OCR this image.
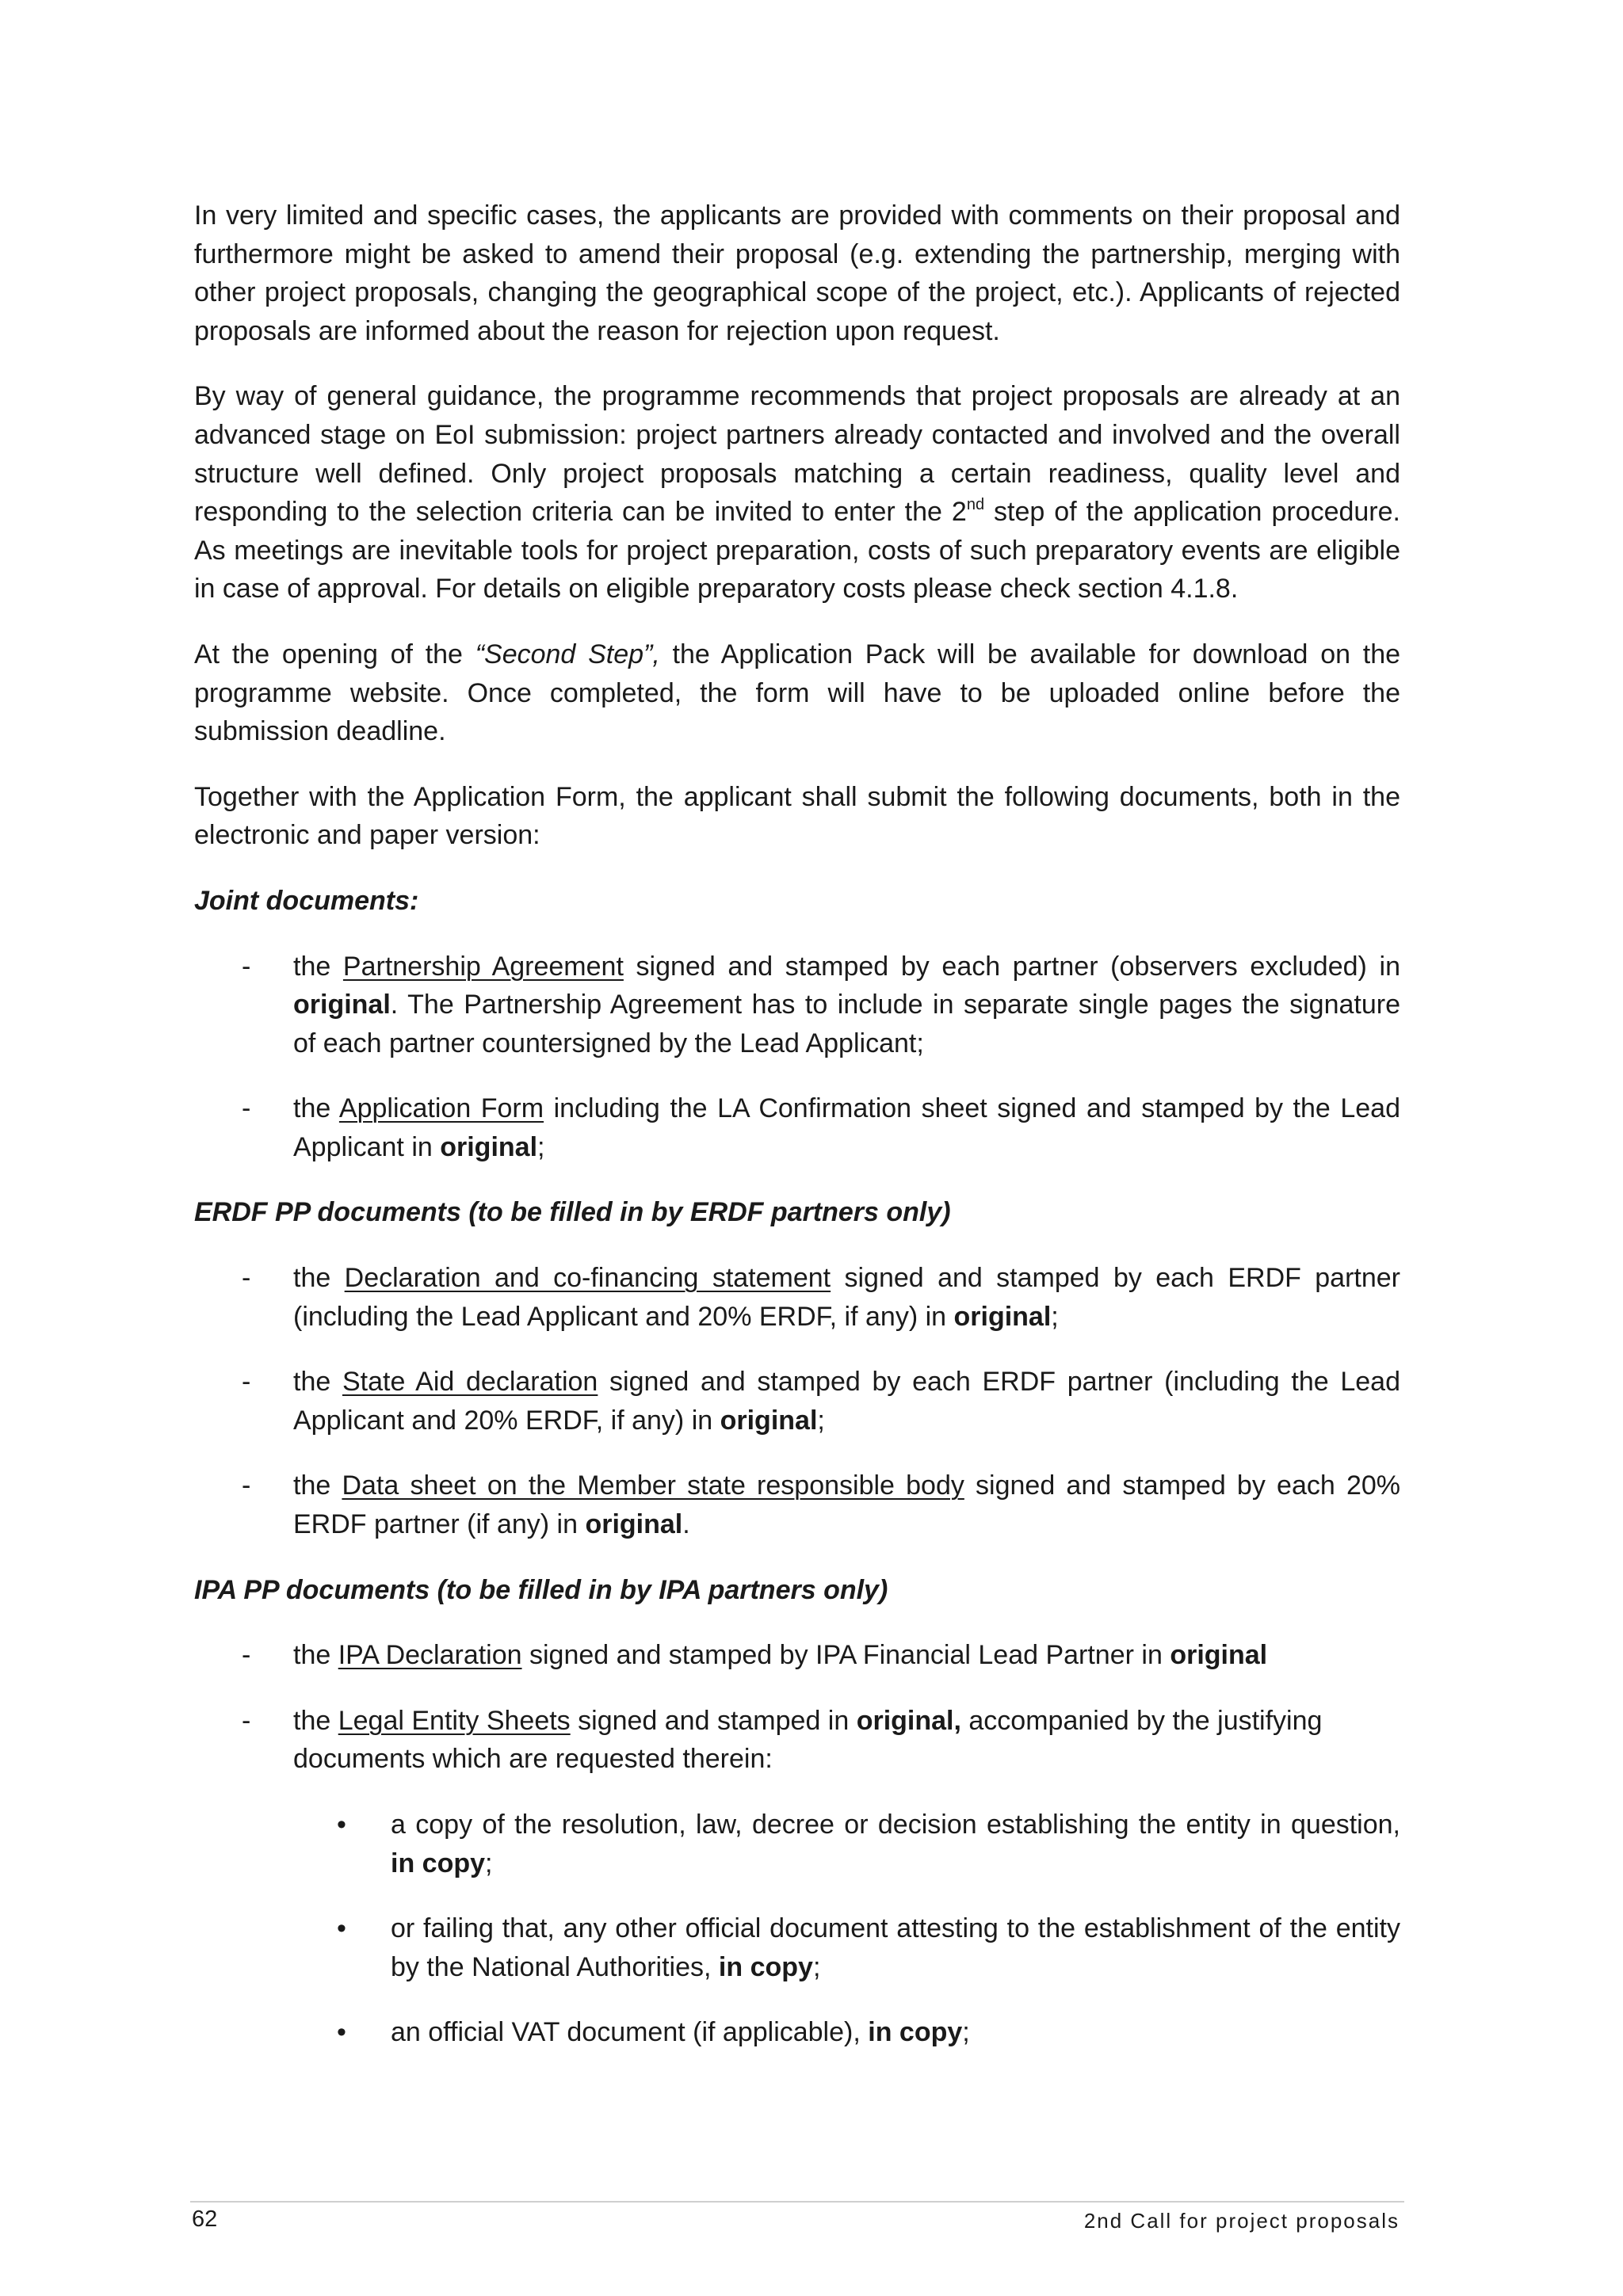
In very limited and specific cases, the applicants are provided with comments on their proposal and furthermore might be asked to amend their proposal (e.g. extending the partnership, merging with other project proposals, changing the geographical scope of the project, etc.). Applicants of rejected proposals are informed about the reason for rejection upon request.

By way of general guidance, the programme recommends that project proposals are already at an advanced stage on EoI submission: project partners already contacted and involved and the overall structure well defined. Only project proposals matching a certain readiness, quality level and responding to the selection criteria can be invited to enter the 2nd step of the application procedure. As meetings are inevitable tools for project preparation, costs of such preparatory events are eligible in case of approval. For details on eligible preparatory costs please check section 4.1.8.

At the opening of the “Second Step”, the Application Pack will be available for download on the programme website. Once completed, the form will have to be uploaded online before the submission deadline.

Together with the Application Form, the applicant shall submit the following documents, both in the electronic and paper version:

Joint documents:

- the Partnership Agreement signed and stamped by each partner (observers excluded) in original. The Partnership Agreement has to include in separate single pages the signature of each partner countersigned by the Lead Applicant;

- the Application Form including the LA Confirmation sheet signed and stamped by the Lead Applicant in original;

ERDF PP documents (to be filled in by ERDF partners only)

- the Declaration and co-financing statement signed and stamped by each ERDF partner (including the Lead Applicant and 20% ERDF, if any) in original;

- the State Aid declaration signed and stamped by each ERDF partner (including the Lead Applicant and 20% ERDF, if any) in original;

- the Data sheet on the Member state responsible body signed and stamped by each 20% ERDF partner (if any) in original.

IPA PP documents (to be filled in by IPA partners only)

- the IPA Declaration signed and stamped by IPA Financial Lead Partner in original

- the Legal Entity Sheets signed and stamped in original, accompanied by the justifying documents which are requested therein:

• a copy of the resolution, law, decree or decision establishing the entity in question, in copy;

• or failing that, any other official document attesting to the establishment of the entity by the National Authorities, in copy;

• an official VAT document (if applicable), in copy;

62	2nd Call for project proposals
